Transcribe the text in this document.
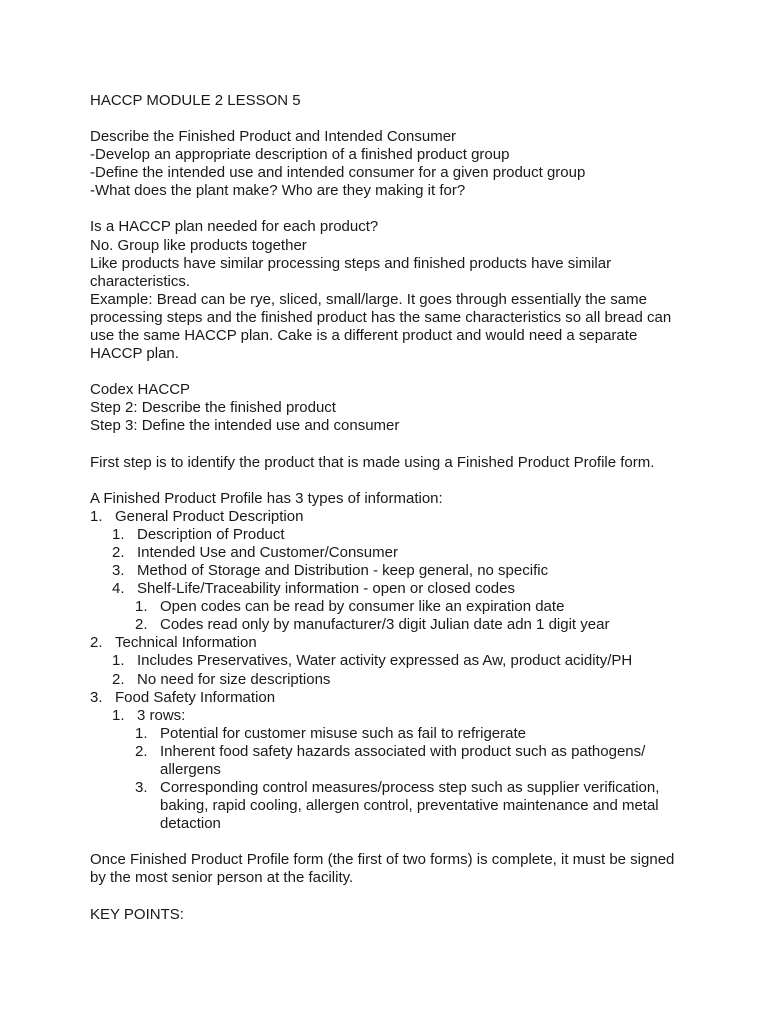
HACCP MODULE 2 LESSON 5

Describe the Finished Product and Intended Consumer

-Develop an appropriate description of a finished product group

-Define the intended use and intended consumer for a given product group

-What does the plant make? Who are they making it for?

Is a HACCP plan needed for each product?

No. Group like products together

Like products have similar processing steps and finished products have similar characteristics.

Example: Bread can be rye, sliced, small/large. It goes through essentially the same processing steps and the finished product has the same characteristics so all bread can use the same HACCP plan. Cake is a different product and would need a separate HACCP plan.

Codex HACCP

Step 2: Describe the finished product

Step 3: Define the intended use and consumer

First step is to identify the product that is made using a Finished Product Profile form.

A Finished Product Profile has 3 types of information:

1. General Product Description
1. Description of Product
2. Intended Use and Customer/Consumer
3. Method of Storage and Distribution - keep general, no specific
4. Shelf-Life/Traceability information - open or closed codes
1. Open codes can be read by consumer like an expiration date
2. Codes read only by manufacturer/3 digit Julian date adn 1 digit year
2. Technical Information
1. Includes Preservatives, Water activity expressed as Aw, product acidity/PH
2. No need for size descriptions
3. Food Safety Information
1. 3 rows:
1. Potential for customer misuse such as fail to refrigerate
2. Inherent food safety hazards associated with product such as pathogens/ allergens
3. Corresponding control measures/process step such as supplier verification, baking, rapid cooling, allergen control, preventative maintenance and metal detaction

Once Finished Product Profile form (the first of two forms) is complete, it must be signed by the most senior person at the facility.

KEY POINTS:
